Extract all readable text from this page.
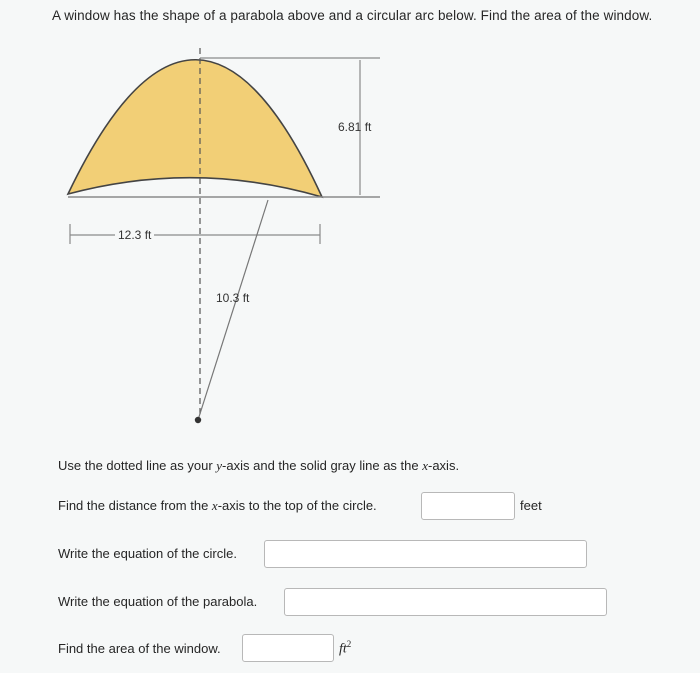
A window has the shape of a parabola above and a circular arc below. Find the area of the window.
6.81 ft
12.3 ft
10.3 ft
Use the dotted line as your y-axis and the solid gray line as the x-axis.
Find the distance from the x-axis to the top of the circle.	feet
Write the equation of the circle.
Write the equation of the parabola.
Find the area of the window.	$ft^2$
